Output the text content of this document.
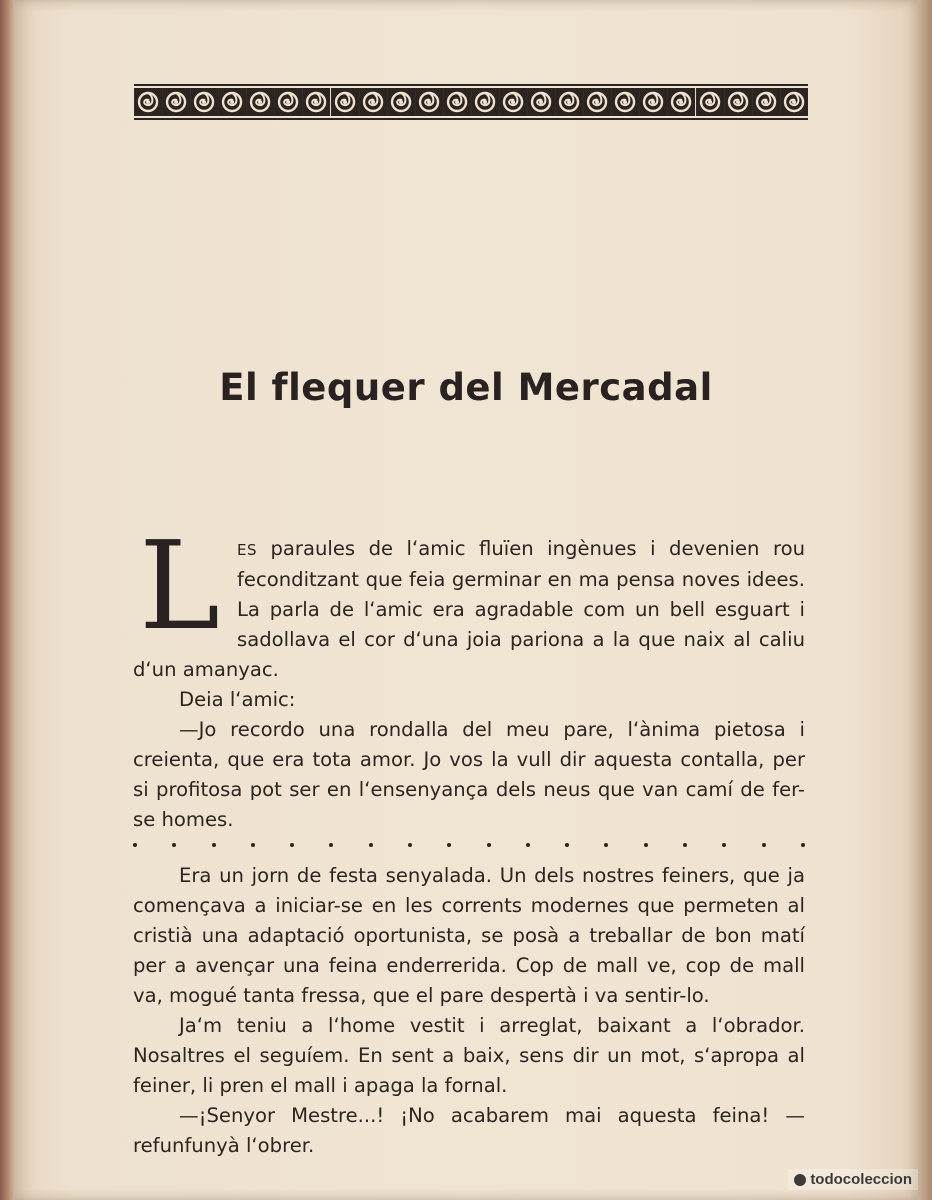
El flequer del Mercadal

L ES paraules de l‘amic fluïen ingènues i devenien rou feconditzant que feia germinar en ma pensa noves idees. La parla de l‘amic era agradable com un bell esguart i sadollava el cor d‘una joia pariona a la que naix al caliu d‘un amanyac.

Deia l‘amic:

—Jo recordo una rondalla del meu pare, l‘ànima pietosa i creienta, que era tota amor. Jo vos la vull dir aquesta contalla, per si profitosa pot ser en l‘ensenyança dels neus que van camí de fer-se homes.

Era un jorn de festa senyalada. Un dels nostres feiners, que ja començava a iniciar-se en les corrents modernes que permeten al cristià una adaptació oportunista, se posà a treballar de bon matí per a avençar una feina enderrerida. Cop de mall ve, cop de mall va, mogué tanta fressa, que el pare despertà i va sentir-lo.

Ja‘m teniu a l‘home vestit i arreglat, baixant a l‘obrador. Nosaltres el seguíem. En sent a baix, sens dir un mot, s‘apropa al feiner, li pren el mall i apaga la fornal.

—¡Senyor Mestre...! ¡No acabarem mai aquesta feina! —refunfunyà l‘obrer.

todocoleccion
